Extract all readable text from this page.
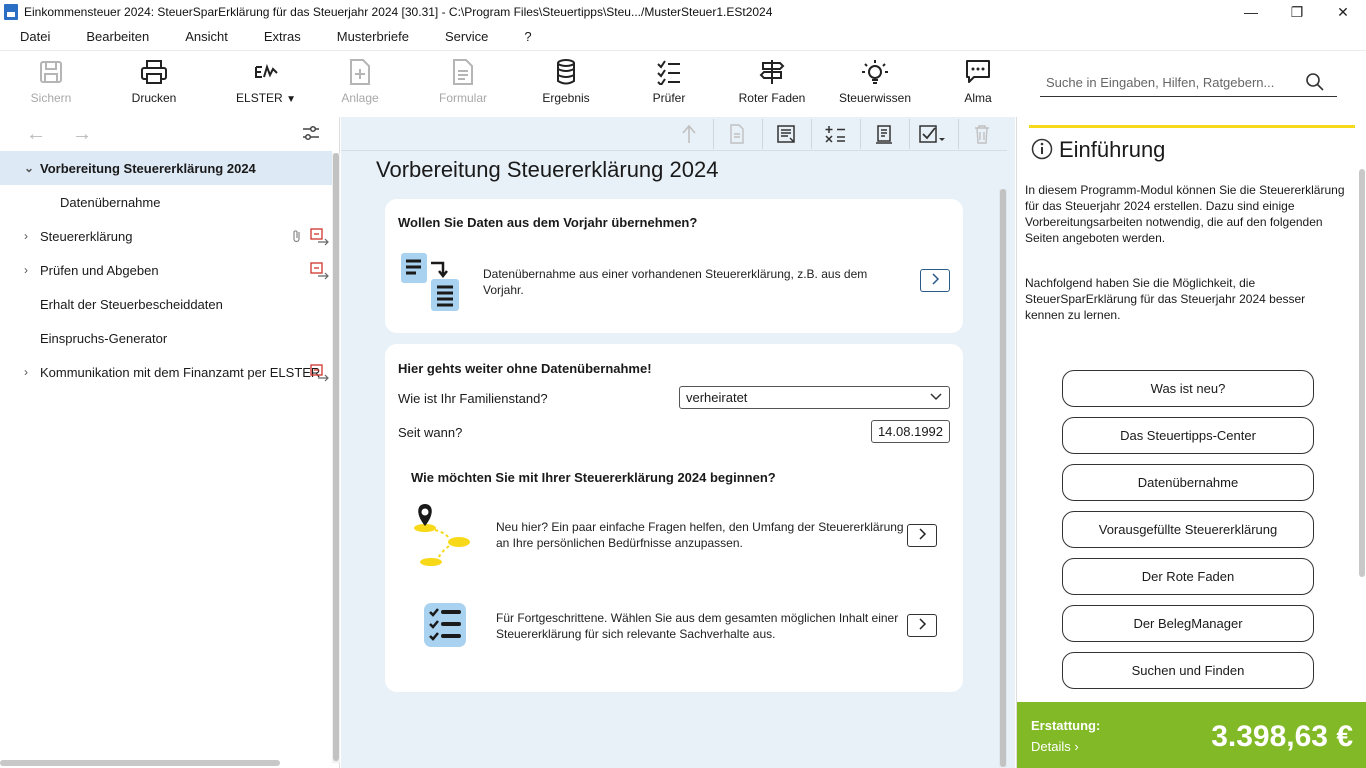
Einkommensteuer 2024: SteuerSparErklärung für das Steuerjahr 2024 [30.31] - C:\Program Files\Steuertipps\Steu.../MusterSteuer1.ESt2024	—	❐	✕
Datei	Bearbeiten	Ansicht	Extras	Musterbriefe	Service	?
Sichern	Drucken	ELSTER ▼	Anlage	Formular	Ergebnis	Prüfer	Roter Faden	Steuerwissen	Alma
Suche in Eingaben, Hilfen, Ratgebern...
← →
⌄ Vorbereitung Steuererklärung 2024
Datenübernahme
› Steuererklärung
› Prüfen und Abgeben
Erhalt der Steuerbescheiddaten
Einspruchs-Generator
› Kommunikation mit dem Finanzamt per ELSTER
Vorbereitung Steuererklärung 2024
Wollen Sie Daten aus dem Vorjahr übernehmen?
Datenübernahme aus einer vorhandenen Steuererklärung, z.B. aus dem Vorjahr.
Hier gehts weiter ohne Datenübernahme!
Wie ist Ihr Familienstand?	verheiratet
Seit wann?	14.08.1992
Wie möchten Sie mit Ihrer Steuererklärung 2024 beginnen?
Neu hier? Ein paar einfache Fragen helfen, den Umfang der Steuererklärung an Ihre persönlichen Bedürfnisse anzupassen.
Für Fortgeschrittene. Wählen Sie aus dem gesamten möglichen Inhalt einer Steuererklärung für sich relevante Sachverhalte aus.
Einführung
In diesem Programm-Modul können Sie die Steuererklärung für das Steuerjahr 2024 erstellen. Dazu sind einige Vorbereitungsarbeiten notwendig, die auf den folgenden Seiten angeboten werden.
Nachfolgend haben Sie die Möglichkeit, die SteuerSparErklärung für das Steuerjahr 2024 besser kennen zu lernen.
Was ist neu?
Das Steuertipps-Center
Datenübernahme
Vorausgefüllte Steuererklärung
Der Rote Faden
Der BelegManager
Suchen und Finden
Erstattung:
Details ›	3.398,63 €
